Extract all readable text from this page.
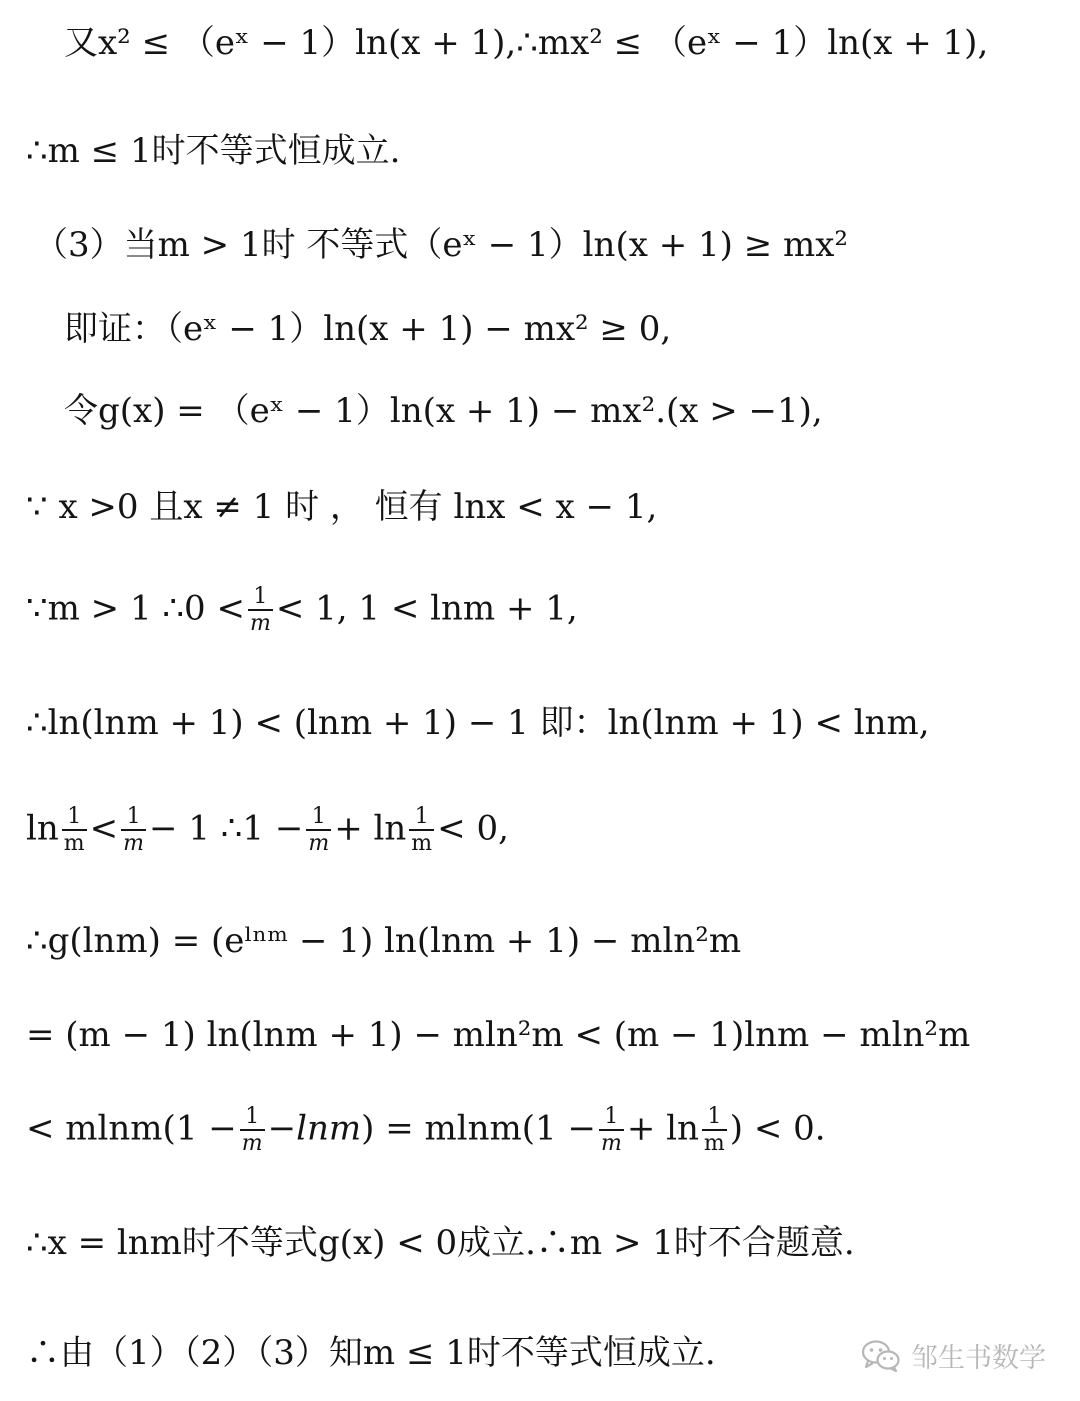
又x² ≤ （eˣ − 1）ln(x + 1),∴mx² ≤ （eˣ − 1）ln(x + 1),
∴m ≤ 1时不等式恒成立.
（3）当m > 1时 不等式（eˣ − 1）ln(x + 1) ≥ mx²
即证：（eˣ − 1）ln(x + 1) − mx² ≥ 0,
令g(x) = （eˣ − 1）ln(x + 1) − mx².(x > −1),
∵ x >0 且x ≠ 1 时 ， 恒有 lnx < x − 1,
∵m > 1 ∴0 < $\frac{1}{m} < 1$, 1 < lnm + 1,
∴ln(lnm + 1) < (lnm + 1) − 1 即：ln(lnm + 1) < lnm,
$\ln \frac{1}{m} < \frac{1}{m} - 1$ ∴1 − $\frac{1}{m} + \ln \frac{1}{m} < 0$,
∴g(lnm) = (eˡⁿᵐ − 1) ln(lnm + 1) − mln²m
= (m − 1) ln(lnm + 1) − mln²m < (m − 1)lnm − mln²m
< $mlnm(1 - \frac{1}{m} -\ln m) = mlnm(1 - \frac{1}{m} + \ln \frac{1}{m}$ ) < 0.
∴x = lnm时不等式g(x) < 0成立.∴m > 1时不合题意.
∴由（1）（2）（3）知m ≤ 1时不等式恒成立.	邹生书数学
